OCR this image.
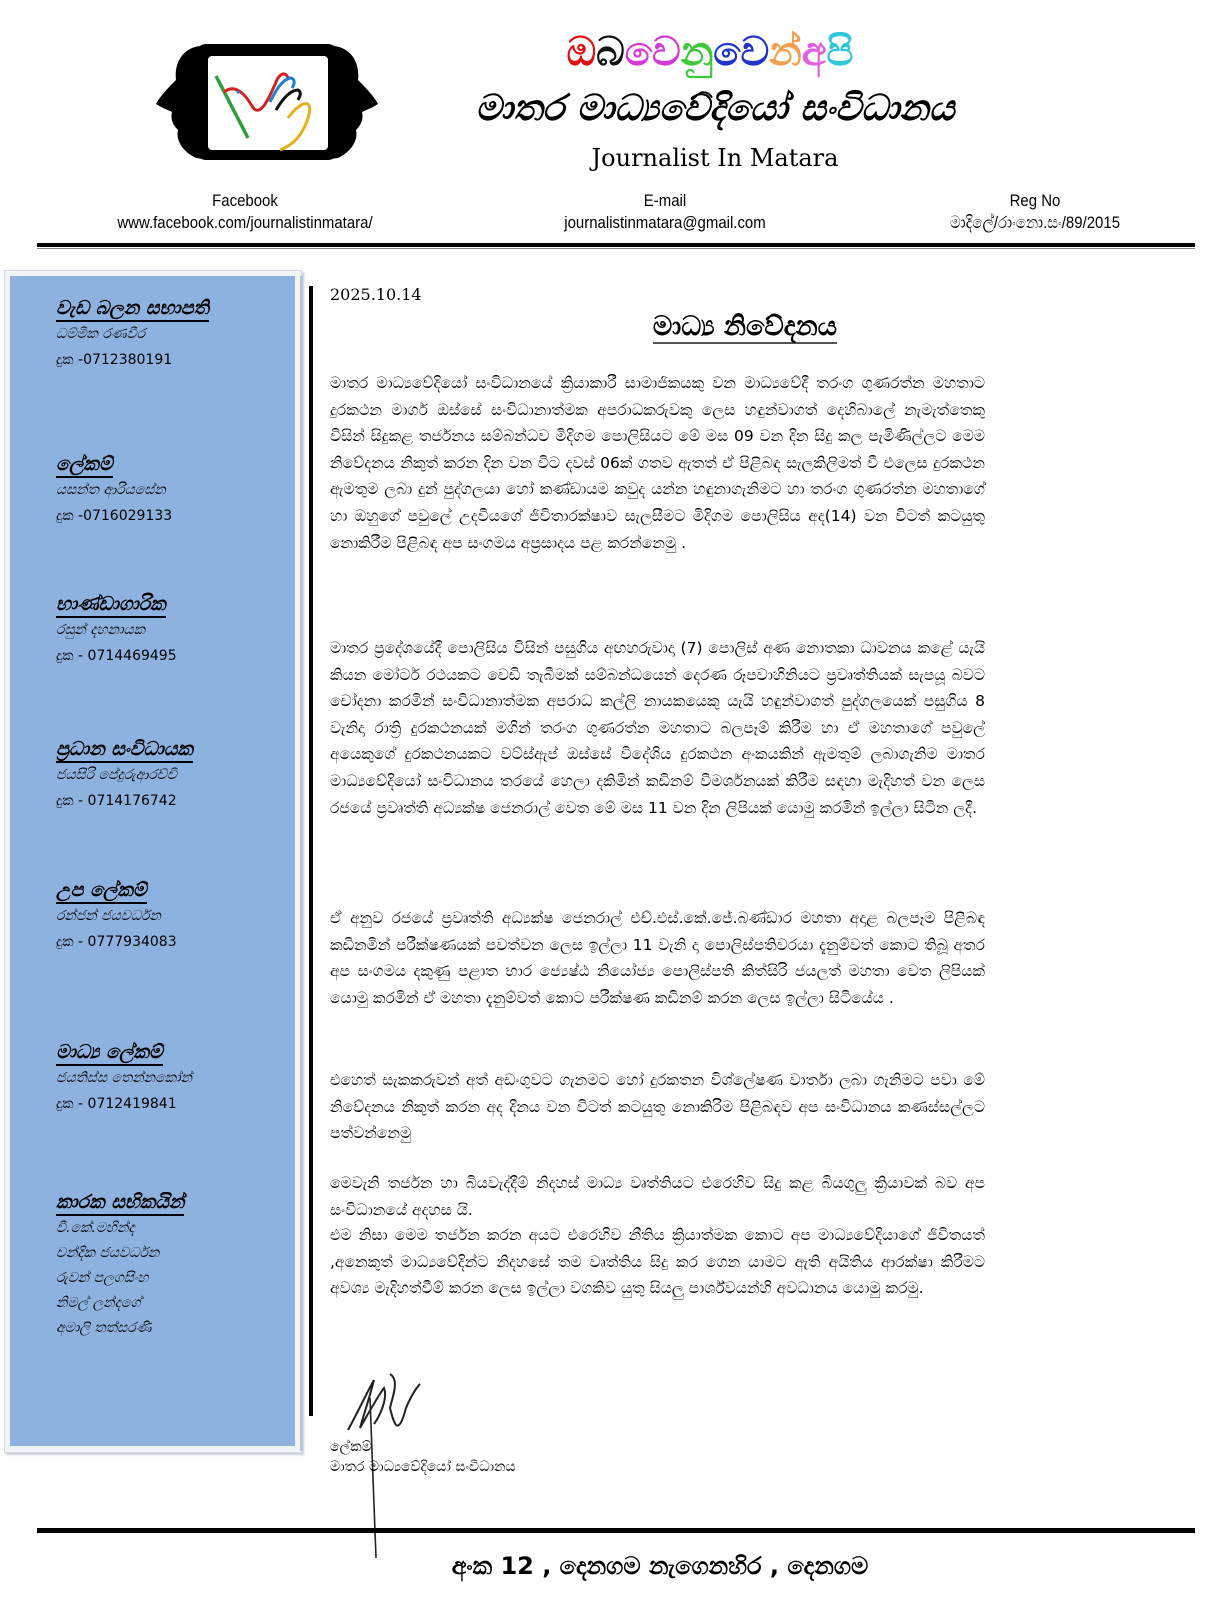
ඔබවෙනුවෙන්අපි
මාතර මාධ්‍යවේදියෝ සංවිධානය
Journalist In Matara
Facebook
www.facebook.com/journalistinmatara/
E-mail
journalistinmatara@gmail.com
Reg No
මාදිලේ/රාංනො.සං/89/2015
වැඩ බලන සභාපති
ධම්මික රණවීර
දුක -0712380191
ලේකම්
යසන්ත ආරියසේන
දුක -0716029133
භාණ්ඩාගාරික
රසුන් දහනායක
දුක - 0714469495
ප්‍රධාන සංවිධායක
ජයසිරි පේදුරුආරච්චි
දුක - 0714176742
උප ලේකම්
රන්ජන් ජයවර්ධන
දුක - 0777934083
මාධ්‍ය ලේකම්
ජයතිස්ස තෙන්නකෝන්
දුක - 0712419841
කාරක සභිකයින්
වී.කේ.මහින්ද
චන්දික ජයවර්ධන
රුවන් පලගසිංහ
නිමල් ලන්දගේ
අමාලි තත්සරණි
2025.10.14
මාධ්‍ය නිවේදනය
මාතර මාධ්‍යවේදියෝ සංවිධානයේ ක්‍රියාකාරී සාමාජිකයකු වන මාධ්‍යවේදී තරංග ගුණරත්න මහතාට දුරකථන මාර්ග ඔස්සේ සංවිධානාත්මක අපරාධකරුවකු ලෙස හඳුන්වාගත් දෙහිබාලේ නැමැත්තෙකු විසින් සිදුකළ තර්ජනය සම්බන්ධව මිදිගම පොලිසියට මේ මස 09 වන දින සිදු කල පැමිණිල්ලට මෙම නිවේදනය නිකුත් කරන දින වන විට දවස් 06ක් ගතව ඇතත් ඒ පිළිබඳ සැලකිලිමත් වී එලෙස දුරකථන ඇමතුම ලබා දුන් පුද්ගලයා හෝ කණ්ඩායම කවුද යන්න හඳුනාගැනිමට හා තරංග ගුණරත්න මහතාගේ හා ඔහුගේ පවුලේ උදවියගේ ජිවිතාරක්ෂාව සැලසීමට මිදිගම පොලිසිය අද(14) වන විටත් කටයුතු නොකිරීම පිළිබඳ අප සංගමය අප්‍රසාදය පළ කරන්නෙමු .
මාතර ප්‍රදේශයේදී පොලිසිය විසින් පසුගිය අඟහරුවාදා (7) පොලිස් අණ නොතකා ධාවනය කළේ යැයි කියන මෝටර් රථයකට වෙඩි තැබීමක් සම්බන්ධයෙන් දෙරණ රූපවාහිනියට ප්‍රවෘත්තියක් සැපයූ බවට චෝදනා කරමින් සංවිධානාත්මක අපරාධ කල්ලි නායකයෙකු යැයි හඳුන්වාගත් පුද්ගලයෙක් පසුගිය 8 වැනිදා රාත්‍රි දුරකථනයක් මගින් තරංග ගුණරත්න මහතාට බලපෑම් කිරීම හා ඒ මහතාගේ පවුලේ අයෙකුගේ දුරකථනයකට වට්ස්ඇප් ඔස්සේ විදේශිය දුරකථන අංකයකින් ඇමතුම් ලබාගැනිම මාතර මාධ්‍යවේදියෝ සංවිධානය තරයේ හෙලා දකිමින් කඩිනම් විමර්ශනයක් කිරීම සඳහා මැදිහත් වන ලෙස රජයේ ප්‍රවෘත්ති අධ්‍යක්ෂ ජෙනරාල් වෙත මේ මස 11 වන දින ලිපියක් යොමු කරමින් ඉල්ලා සිටින ලදී.
ඒ අනුව රජයේ ප්‍රවෘත්ති අධ්‍යක්ෂ ජෙනරාල් එච්.එස්.කේ.ජේ.බණ්ඩාර මහතා අදාළ බලපෑම පිළිබඳ කඩිනමින් පරීක්ෂණයක් පවත්වන ලෙස ඉල්ලා 11 වැනි දා පොලිස්පතිවරයා දැනුම්වත් කොට තිබූ අතර අප සංගමය දකුණු පළාත භාර ජ්‍යෙෂ්ඨ නියෝජ්‍ය පොලිස්පති කිත්සිරි ජයලත් මහතා වෙත ලිපියක් යොමු කරමින් ඒ මහතා දැනුම්වත් කොට පරීක්ෂණ කඩිනම් කරන ලෙස ඉල්ලා සිටියේය .
එහෙත් සැකකරුවන් අත් අඩංගුවට ගැනමට හෝ දුරකතන විශ්ලේෂණ වාර්තා ලබා ගැනිමට පවා මේ නිවේදනය නිකුත් කරන අද දිනය වන විටත් කටයුතු නොකිරිම පිළිබඳව අප සංවිධානය කණස්සල්ලට පත්වන්නෙමු
මෙවැනි තර්ජන හා බියවැද්දීම් නිදහස් මාධ්‍ය වෘත්තියට එරෙහිව සිදු කළ බියගුලු ක්‍රියාවක් බව අප සංවිධානයේ අදහස යි.
එම නිසා මෙම තර්ජන කරන අයට එරෙහිව නීතිය ක්‍රියාත්මක කොට අප මාධ්‍යවේදියාගේ ජිවිතයත් ,අනෙකුත් මාධ්‍යවේදින්ට නිදහසේ තම වෘත්තිය සිදු කර ගෙන යාමට ඇති අයිතිය ආරක්ෂා කිරීමට අවශ්‍ය මැදිහත්වීම් කරන ලෙස ඉල්ලා වගකිව යුතු සියලු පාර්ශ්වයන්හි අවධානය යොමු කරමු.
ලේකම්
මාතර මාධ්‍යවේදියෝ සංවිධානය
අංක 12 , දෙනගම නැගෙනහිර , දෙනගම
